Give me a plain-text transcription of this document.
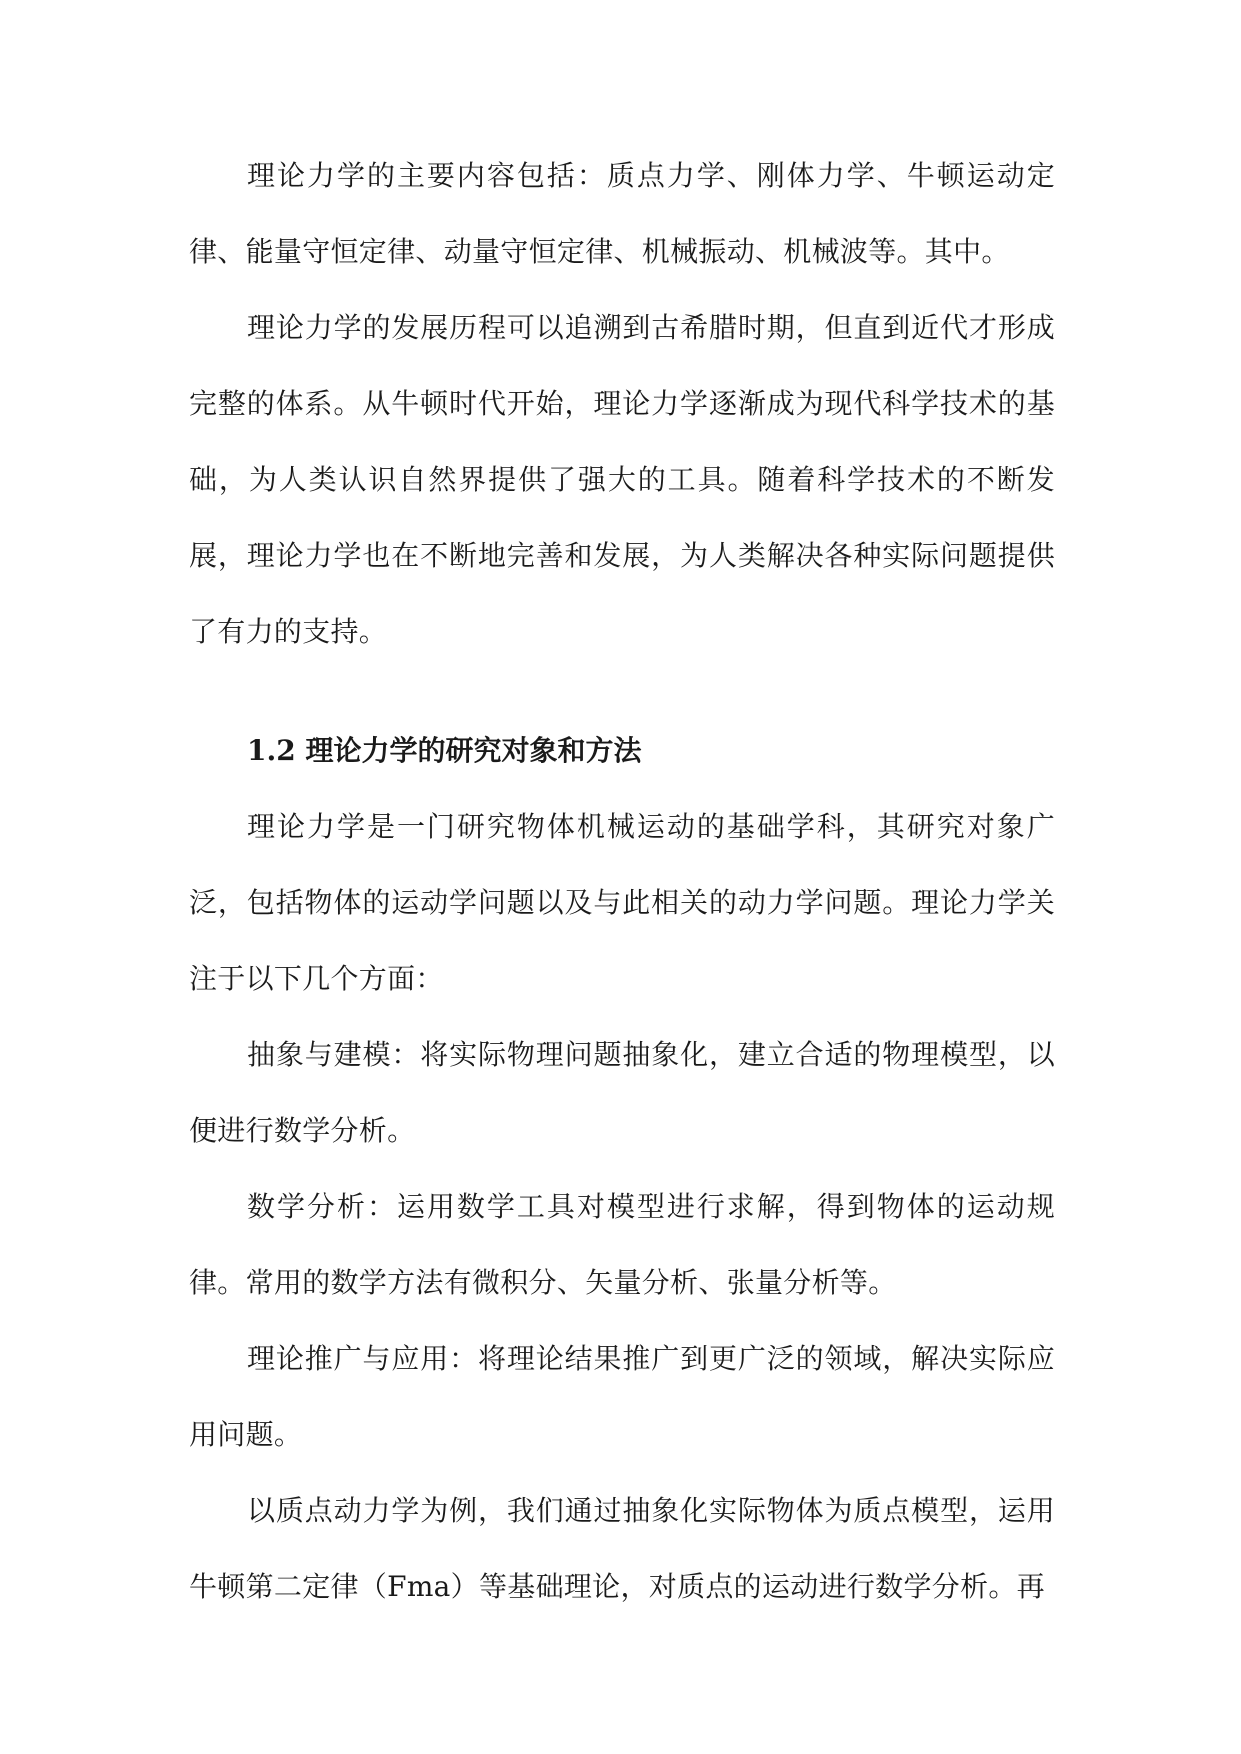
理论力学的主要内容包括：质点力学、刚体力学、牛顿运动定律、能量守恒定律、动量守恒定律、机械振动、机械波等。其中。

理论力学的发展历程可以追溯到古希腊时期，但直到近代才形成完整的体系。从牛顿时代开始，理论力学逐渐成为现代科学技术的基础，为人类认识自然界提供了强大的工具。随着科学技术的不断发展，理论力学也在不断地完善和发展，为人类解决各种实际问题提供了有力的支持。

1.2 理论力学的研究对象和方法

理论力学是一门研究物体机械运动的基础学科，其研究对象广泛，包括物体的运动学问题以及与此相关的动力学问题。理论力学关注于以下几个方面：

抽象与建模：将实际物理问题抽象化，建立合适的物理模型，以便进行数学分析。

数学分析：运用数学工具对模型进行求解，得到物体的运动规律。常用的数学方法有微积分、矢量分析、张量分析等。

理论推广与应用：将理论结果推广到更广泛的领域，解决实际应用问题。

以质点动力学为例，我们通过抽象化实际物体为质点模型，运用牛顿第二定律（Fma）等基础理论，对质点的运动进行数学分析。再
